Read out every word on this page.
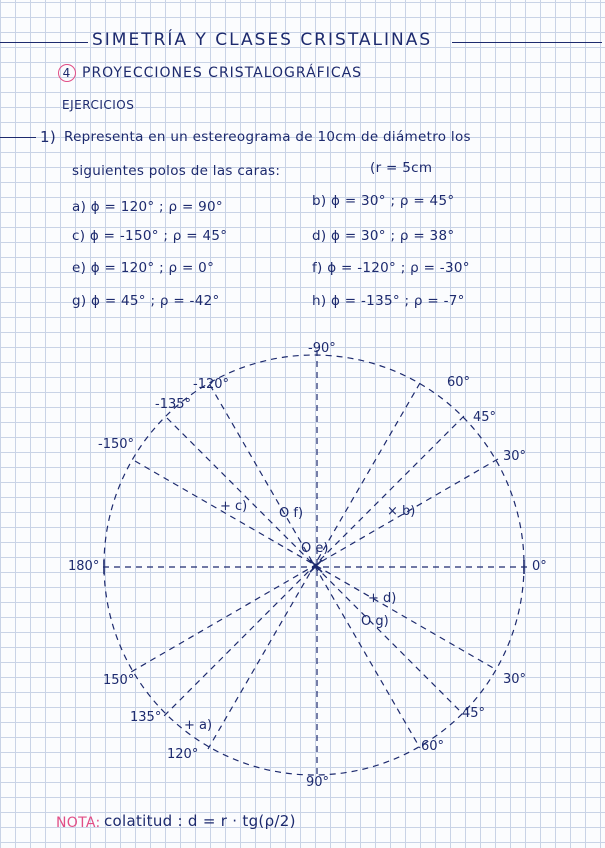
SIMETRÍA Y CLASES CRISTALINAS
4 PROYECCIONES CRISTALOGRÁFICAS
EJERCICIOS
1) Representa en un estereograma de 10cm de diámetro los
siguientes polos de las caras:	(r = 5cm
a) ϕ = 120° ; ρ = 90°	b) ϕ = 30° ; ρ = 45°
c) ϕ = -150° ; ρ = 45°	d) ϕ = 30° ; ρ = 38°
e) ϕ = 120° ; ρ = 0°	f) ϕ = -120° ; ρ = -30°
g) ϕ = 45° ; ρ = -42°	h) ϕ = -135° ; ρ = -7°
-90°
-120°
-135°
-150°
180°
150°
135°
120°
90°
60°
45°
30°
0°
30°
45°
60°
+ c) O f)	× b)
O e)
+ d)
O g)
+ a)
NOTA: colatitud : d = r · tg(ρ/2)
